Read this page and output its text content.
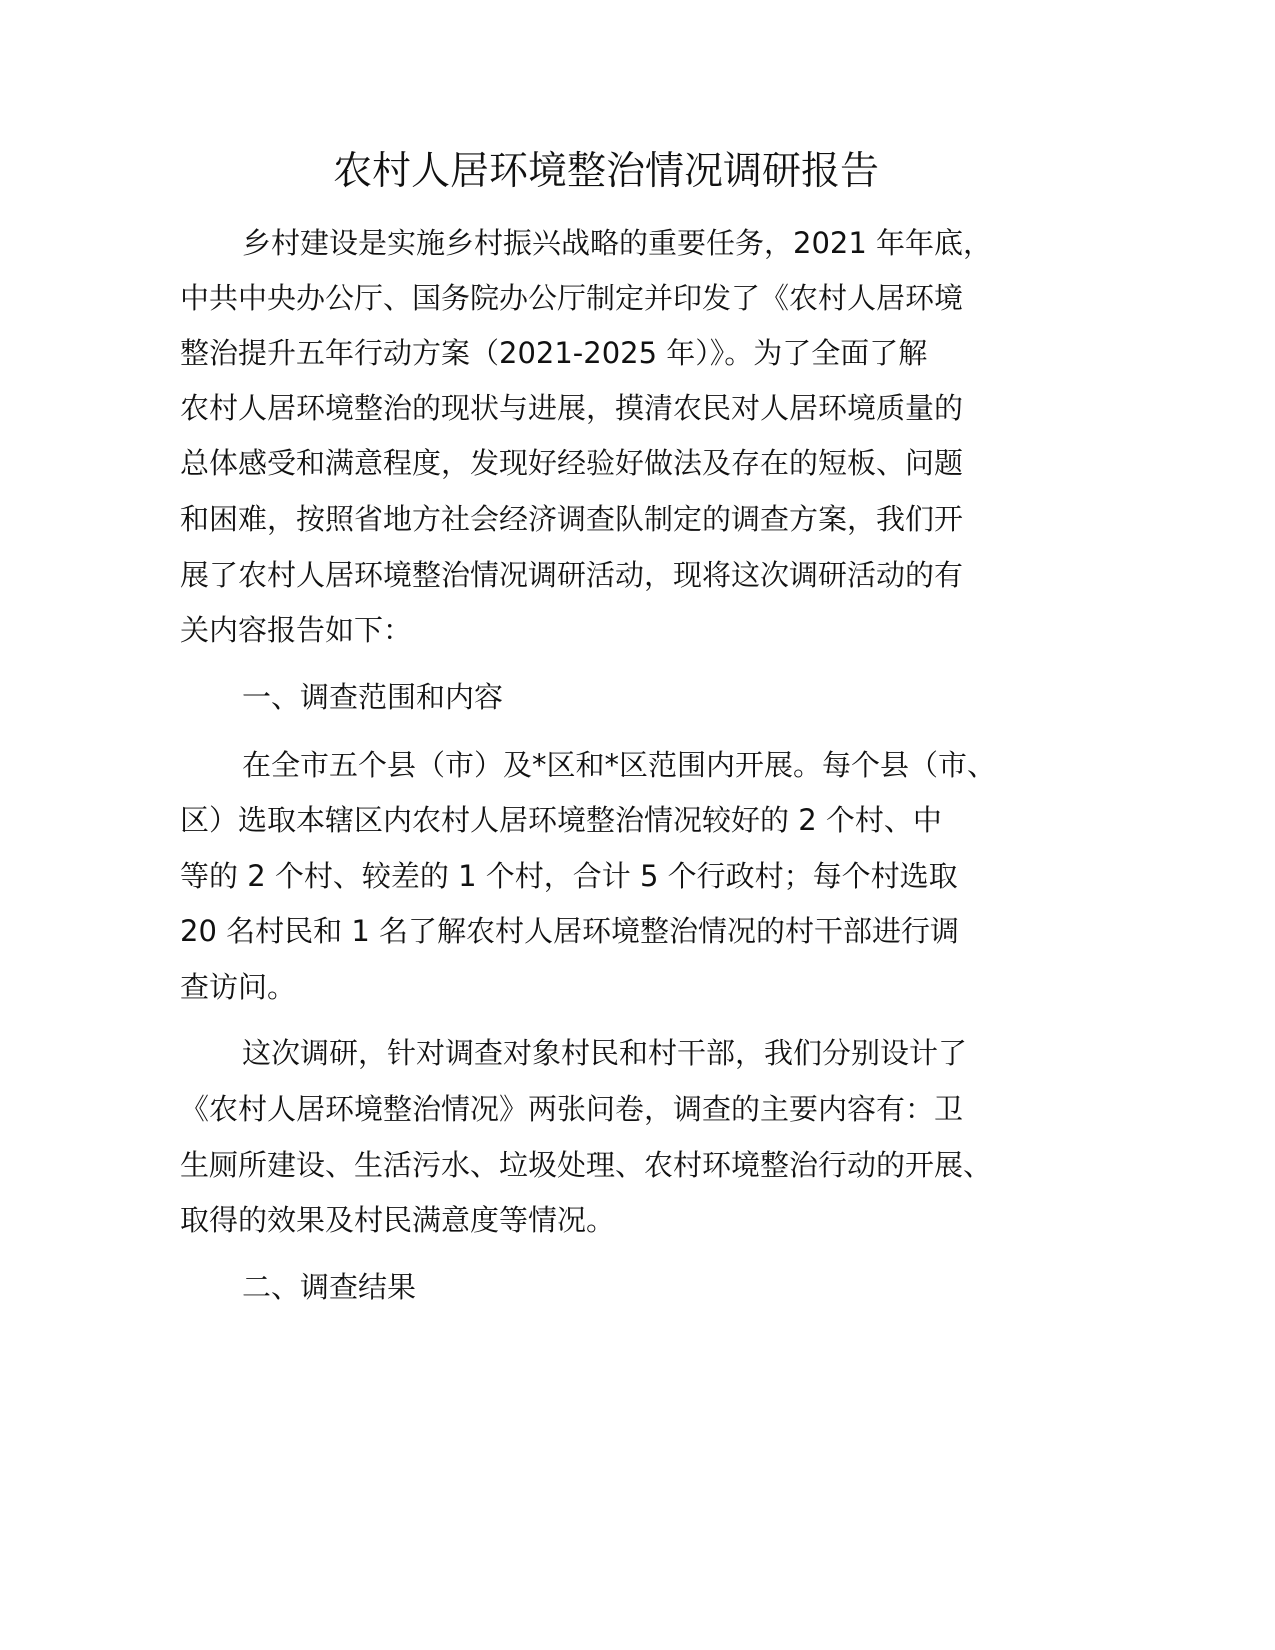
农村人居环境整治情况调研报告
乡村建设是实施乡村振兴战略的重要任务，2021 年年底，
中共中央办公厅、国务院办公厅制定并印发了《农村人居环境
整治提升五年行动方案（2021-2025 年）》。为了全面了解
农村人居环境整治的现状与进展，摸清农民对人居环境质量的
总体感受和满意程度，发现好经验好做法及存在的短板、问题
和困难，按照省地方社会经济调查队制定的调查方案，我们开
展了农村人居环境整治情况调研活动，现将这次调研活动的有
关内容报告如下：
一、调查范围和内容
在全市五个县（市）及*区和*区范围内开展。每个县（市、
区）选取本辖区内农村人居环境整治情况较好的 2 个村、中
等的 2 个村、较差的 1 个村，合计 5 个行政村；每个村选取
20 名村民和 1 名了解农村人居环境整治情况的村干部进行调
查访问。
这次调研，针对调查对象村民和村干部，我们分别设计了
《农村人居环境整治情况》两张问卷，调查的主要内容有：卫
生厕所建设、生活污水、垃圾处理、农村环境整治行动的开展、
取得的效果及村民满意度等情况。
二、调查结果
